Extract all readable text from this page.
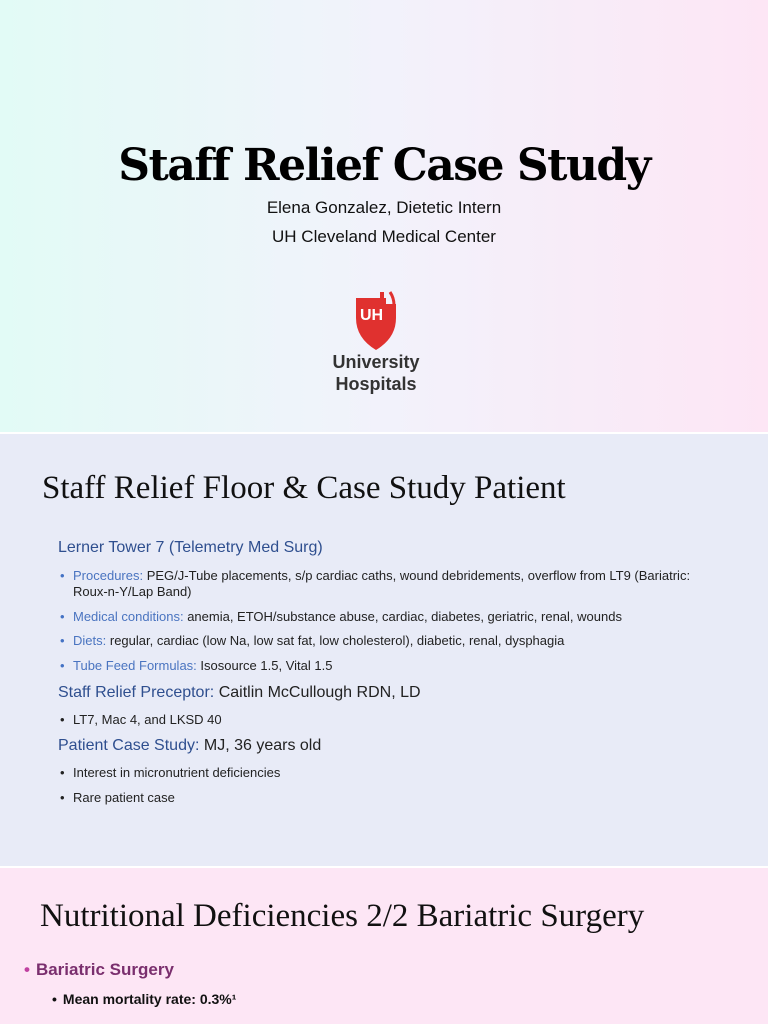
Staff Relief Case Study
Elena Gonzalez, Dietetic Intern
UH Cleveland Medical Center
UH
University
Hospitals
Staff Relief Floor & Case Study Patient
Lerner Tower 7 (Telemetry Med Surg)
• Procedures: PEG/J-Tube placements, s/p cardiac caths, wound debridements, overflow from LT9 (Bariatric: Roux-n-Y/Lap Band)
• Medical conditions: anemia, ETOH/substance abuse, cardiac, diabetes, geriatric, renal, wounds
• Diets: regular, cardiac (low Na, low sat fat, low cholesterol), diabetic, renal, dysphagia
• Tube Feed Formulas: Isosource 1.5, Vital 1.5
Staff Relief Preceptor: Caitlin McCullough RDN, LD
• LT7, Mac 4, and LKSD 40
Patient Case Study: MJ, 36 years old
• Interest in micronutrient deficiencies
• Rare patient case
Nutritional Deficiencies 2/2 Bariatric Surgery
• Bariatric Surgery
• Mean mortality rate: 0.3%¹
